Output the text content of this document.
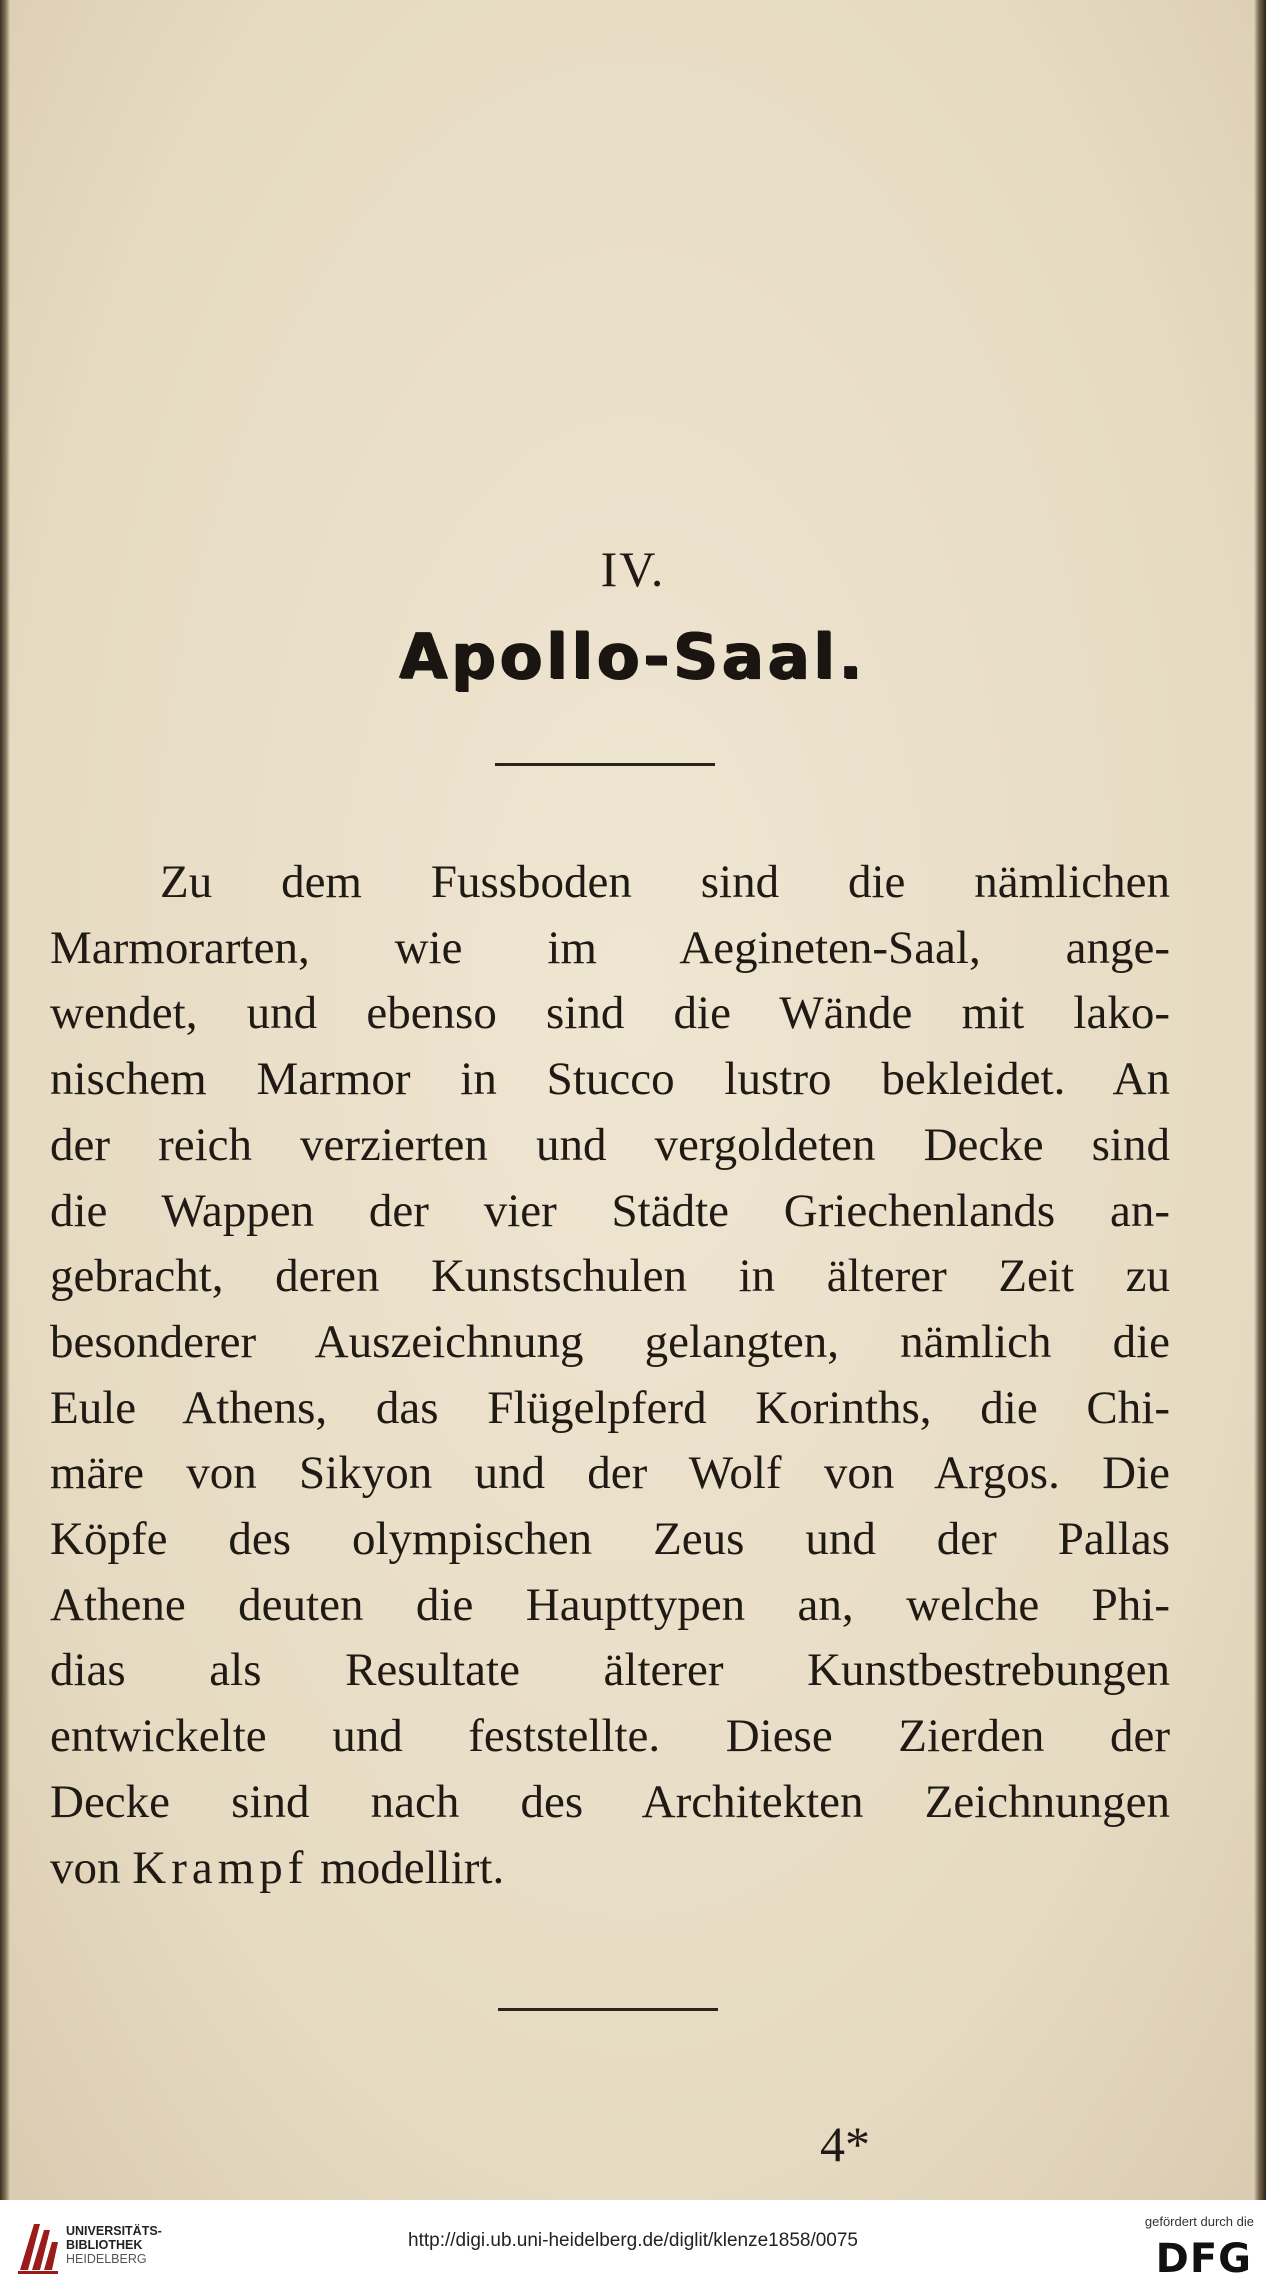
IV.
Apollo-Saal.
Zu dem Fussboden sind die nämlichen
Marmorarten, wie im Aegineten-Saal, ange-
wendet, und ebenso sind die Wände mit lako-
nischem Marmor in Stucco lustro bekleidet. An
der reich verzierten und vergoldeten Decke sind
die Wappen der vier Städte Griechenlands an-
gebracht, deren Kunstschulen in älterer Zeit zu
besonderer Auszeichnung gelangten, nämlich die
Eule Athens, das Flügelpferd Korinths, die Chi-
märe von Sikyon und der Wolf von Argos. Die
Köpfe des olympischen Zeus und der Pallas
Athene deuten die Haupttypen an, welche Phi-
dias als Resultate älterer Kunstbestrebungen
entwickelte und feststellte. Diese Zierden der
Decke sind nach des Architekten Zeichnungen
von Krampf modellirt.
4*
UNIVERSITÄTS-
BIBLIOTHEK
HEIDELBERG
http://digi.ub.uni-heidelberg.de/diglit/klenze1858/0075
gefördert durch die
DFG
